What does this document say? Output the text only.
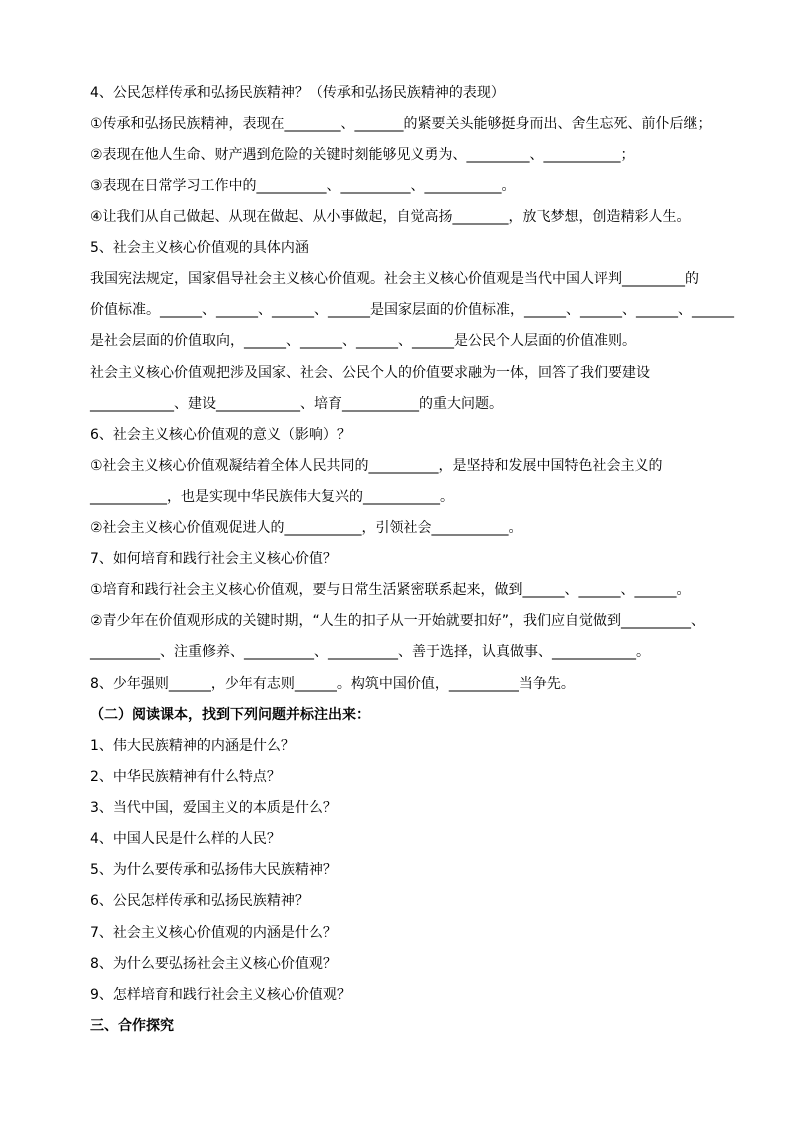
4、公民怎样传承和弘扬民族精神？（传承和弘扬民族精神的表现）
①传承和弘扬民族精神，表现在________、_______的紧要关头能够挺身而出、舍生忘死、前仆后继；
②表现在他人生命、财产遇到危险的关键时刻能够见义勇为、_________、___________；
③表现在日常学习工作中的__________、__________、___________。
④让我们从自己做起、从现在做起、从小事做起，自觉高扬________，放飞梦想，创造精彩人生。
5、社会主义核心价值观的具体内涵
我国宪法规定，国家倡导社会主义核心价值观。社会主义核心价值观是当代中国人评判_________的
价值标准。______、______、______、______是国家层面的价值标准，______、______、______、______
是社会层面的价值取向，______、______、______、______是公民个人层面的价值准则。
社会主义核心价值观把涉及国家、社会、公民个人的价值要求融为一体，回答了我们要建设
____________、建设____________、培育___________的重大问题。
6、社会主义核心价值观的意义（影响）？
①社会主义核心价值观凝结着全体人民共同的__________，是坚持和发展中国特色社会主义的
___________，也是实现中华民族伟大复兴的___________。
②社会主义核心价值观促进人的___________，引领社会___________。
7、如何培育和践行社会主义核心价值？
①培育和践行社会主义核心价值观，要与日常生活紧密联系起来，做到______、______、______。
②青少年在价值观形成的关键时期，“人生的扣子从一开始就要扣好”，我们应自觉做到__________、
__________、注重修养、__________、__________、善于选择，认真做事、____________。
8、少年强则______，少年有志则______。构筑中国价值，__________当争先。
（二）阅读课本，找到下列问题并标注出来：
1、伟大民族精神的内涵是什么？
2、中华民族精神有什么特点？
3、当代中国，爱国主义的本质是什么？
4、中国人民是什么样的人民？
5、为什么要传承和弘扬伟大民族精神？
6、公民怎样传承和弘扬民族精神？
7、社会主义核心价值观的内涵是什么？
8、为什么要弘扬社会主义核心价值观？
9、怎样培育和践行社会主义核心价值观？
三、合作探究
